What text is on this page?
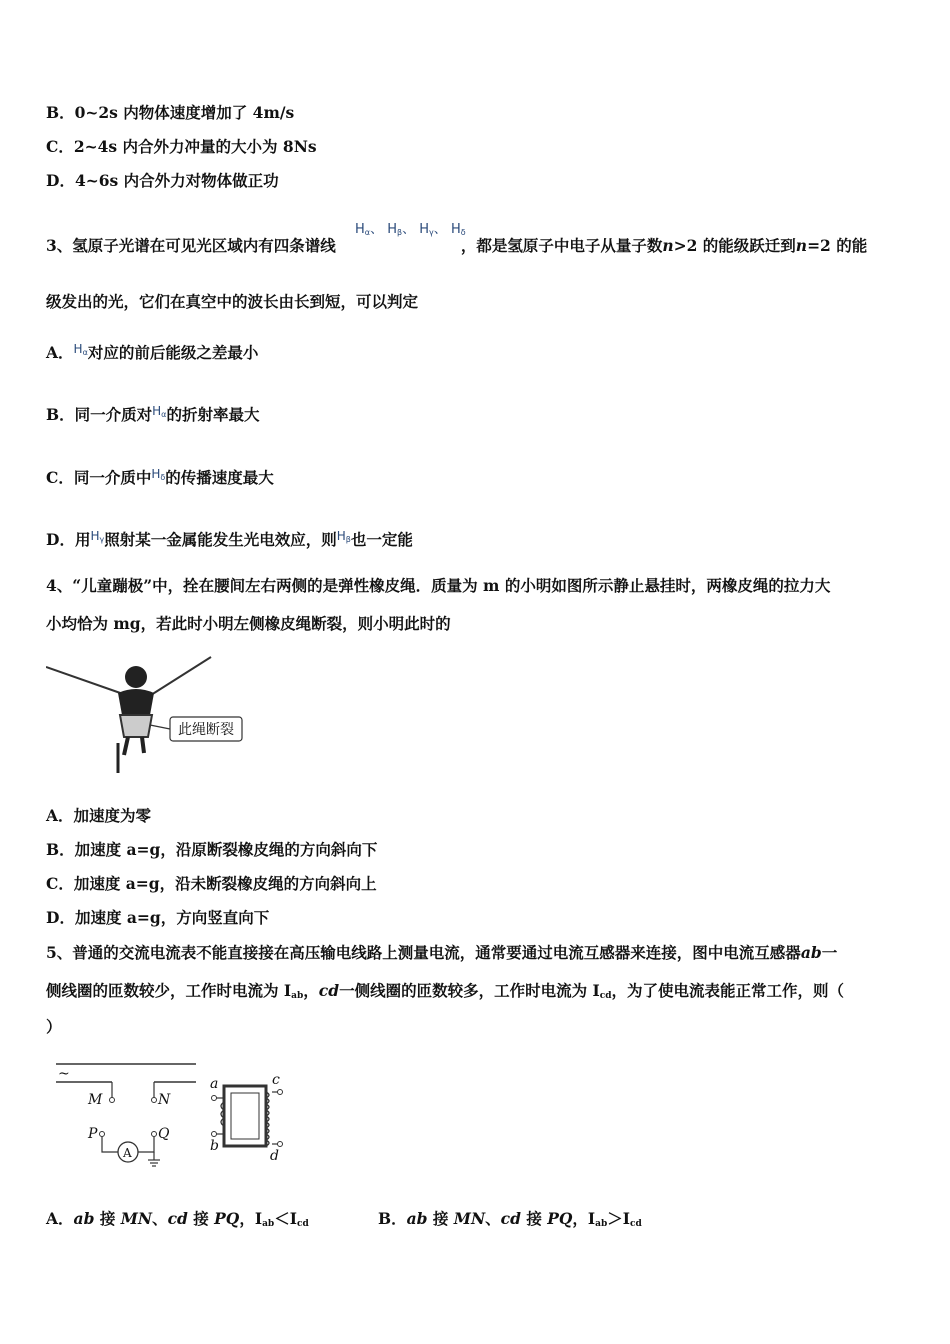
B．0~2s 内物体速度增加了 4m/s
C．2~4s 内合外力冲量的大小为 8Ns
D．4~6s 内合外力对物体做正功
Hα、 Hβ、 Hγ、 Hδ
3、氢原子光谱在可见光区域内有四条谱线	，都是氢原子中电子从量子数n>2 的能级跃迁到n=2 的能
级发出的光，它们在真空中的波长由长到短，可以判定
A．$^{H\alpha}$对应的前后能级之差最小
B．同一介质对$^{H\alpha}$的折射率最大
C．同一介质中$^{H\delta}$的传播速度最大
D．用$^{H\gamma}$照射某一金属能发生光电效应，则$^{H\beta}$也一定能
4、“儿童蹦极”中，拴在腰间左右两侧的是弹性橡皮绳．质量为 m 的小明如图所示静止悬挂时，两橡皮绳的拉力大
小均恰为 mg，若此时小明左侧橡皮绳断裂，则小明此时的
此绳断裂
A．加速度为零
B．加速度 a=g，沿原断裂橡皮绳的方向斜向下
C．加速度 a=g，沿未断裂橡皮绳的方向斜向上
D．加速度 a=g，方向竖直向下
5、普通的交流电流表不能直接接在高压输电线路上测量电流，通常要通过电流互感器来连接，图中电流互感器ab一
侧线圈的匝数较少，工作时电流为 $I_{ab}$，cd一侧线圈的匝数较多，工作时电流为 $I_{cd}$，为了使电流表能正常工作，则（
）
~
M	N
P	Q
A
a
b
c
d
A．ab 接 MN、cd 接 PQ，$I_{ab}<I_{cd}$	B．ab 接 MN、cd 接 PQ，$I_{ab}>I_{cd}$
